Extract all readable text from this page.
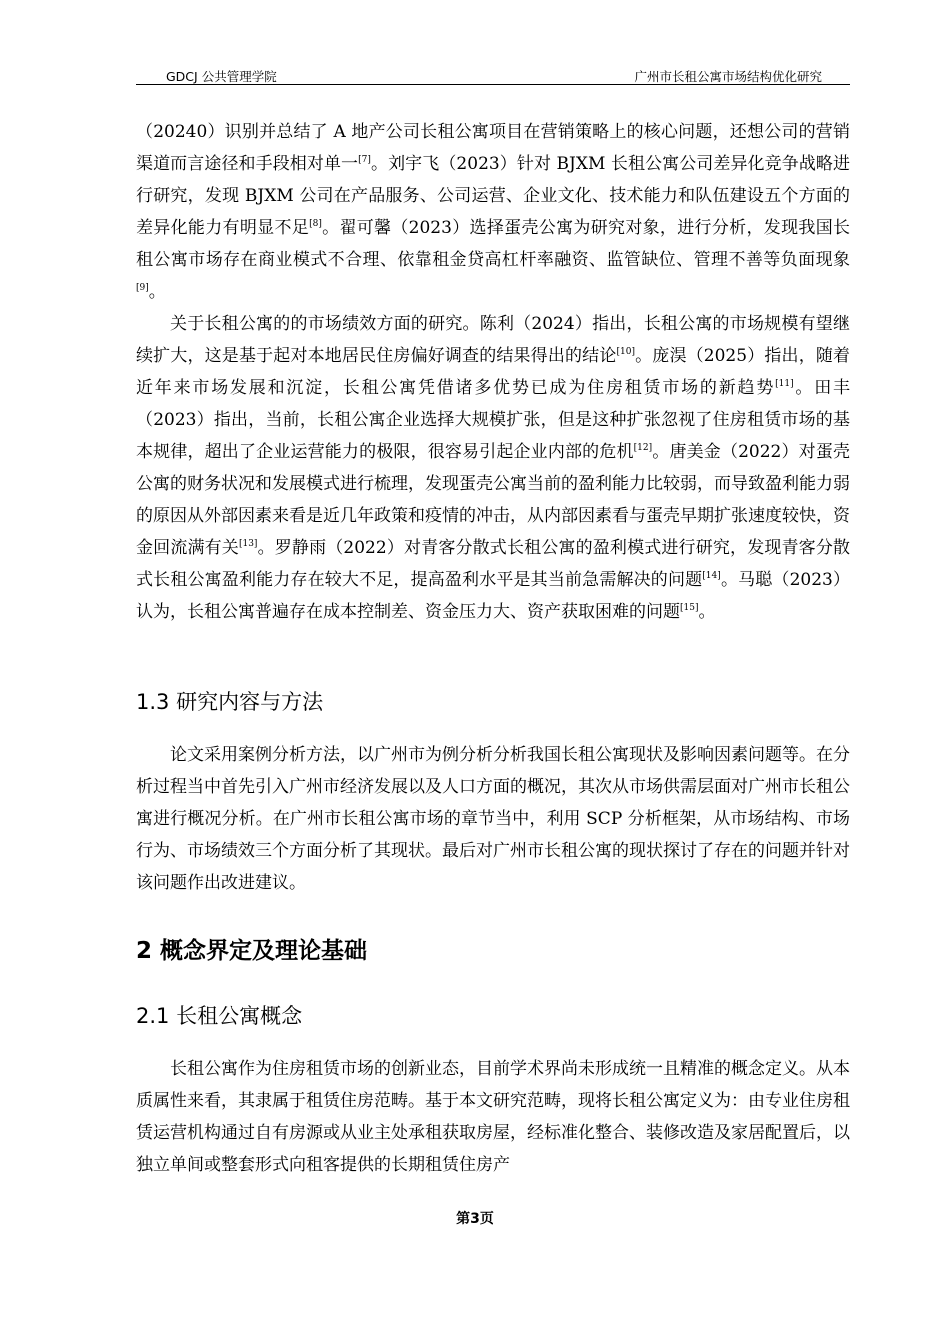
GDCJ 公共管理学院	广州市长租公寓市场结构优化研究

（20240）识别并总结了 A 地产公司长租公寓项目在营销策略上的核心问题，还想公司的营销渠道而言途径和手段相对单一[7]。刘宇飞（2023）针对 BJXM 长租公寓公司差异化竞争战略进行研究，发现 BJXM 公司在产品服务、公司运营、企业文化、技术能力和队伍建设五个方面的差异化能力有明显不足[8]。翟可馨（2023）选择蛋壳公寓为研究对象，进行分析，发现我国长租公寓市场存在商业模式不合理、依靠租金贷高杠杆率融资、监管缺位、管理不善等负面现象[9]。

关于长租公寓的的市场绩效方面的研究。陈利（2024）指出，长租公寓的市场规模有望继续扩大，这是基于起对本地居民住房偏好调查的结果得出的结论[10]。庞淏（2025）指出，随着近年来市场发展和沉淀，长租公寓凭借诸多优势已成为住房租赁市场的新趋势[11]。田丰（2023）指出，当前，长租公寓企业选择大规模扩张，但是这种扩张忽视了住房租赁市场的基本规律，超出了企业运营能力的极限，很容易引起企业内部的危机[12]。唐美金（2022）对蛋壳公寓的财务状况和发展模式进行梳理，发现蛋壳公寓当前的盈利能力比较弱，而导致盈利能力弱的原因从外部因素来看是近几年政策和疫情的冲击，从内部因素看与蛋壳早期扩张速度较快，资金回流满有关[13]。罗静雨（2022）对青客分散式长租公寓的盈利模式进行研究，发现青客分散式长租公寓盈利能力存在较大不足，提高盈利水平是其当前急需解决的问题[14]。马聪（2023）认为，长租公寓普遍存在成本控制差、资金压力大、资产获取困难的问题[15]。

1.3 研究内容与方法

论文采用案例分析方法，以广州市为例分析分析我国长租公寓现状及影响因素问题等。在分析过程当中首先引入广州市经济发展以及人口方面的概况，其次从市场供需层面对广州市长租公寓进行概况分析。在广州市长租公寓市场的章节当中，利用 SCP 分析框架，从市场结构、市场行为、市场绩效三个方面分析了其现状。最后对广州市长租公寓的现状探讨了存在的问题并针对该问题作出改进建议。

2 概念界定及理论基础
2.1 长租公寓概念

长租公寓作为住房租赁市场的创新业态，目前学术界尚未形成统一且精准的概念定义。从本质属性来看，其隶属于租赁住房范畴。基于本文研究范畴，现将长租公寓定义为：由专业住房租赁运营机构通过自有房源或从业主处承租获取房屋，经标准化整合、装修改造及家居配置后，以独立单间或整套形式向租客提供的长期租赁住房产

第3页
